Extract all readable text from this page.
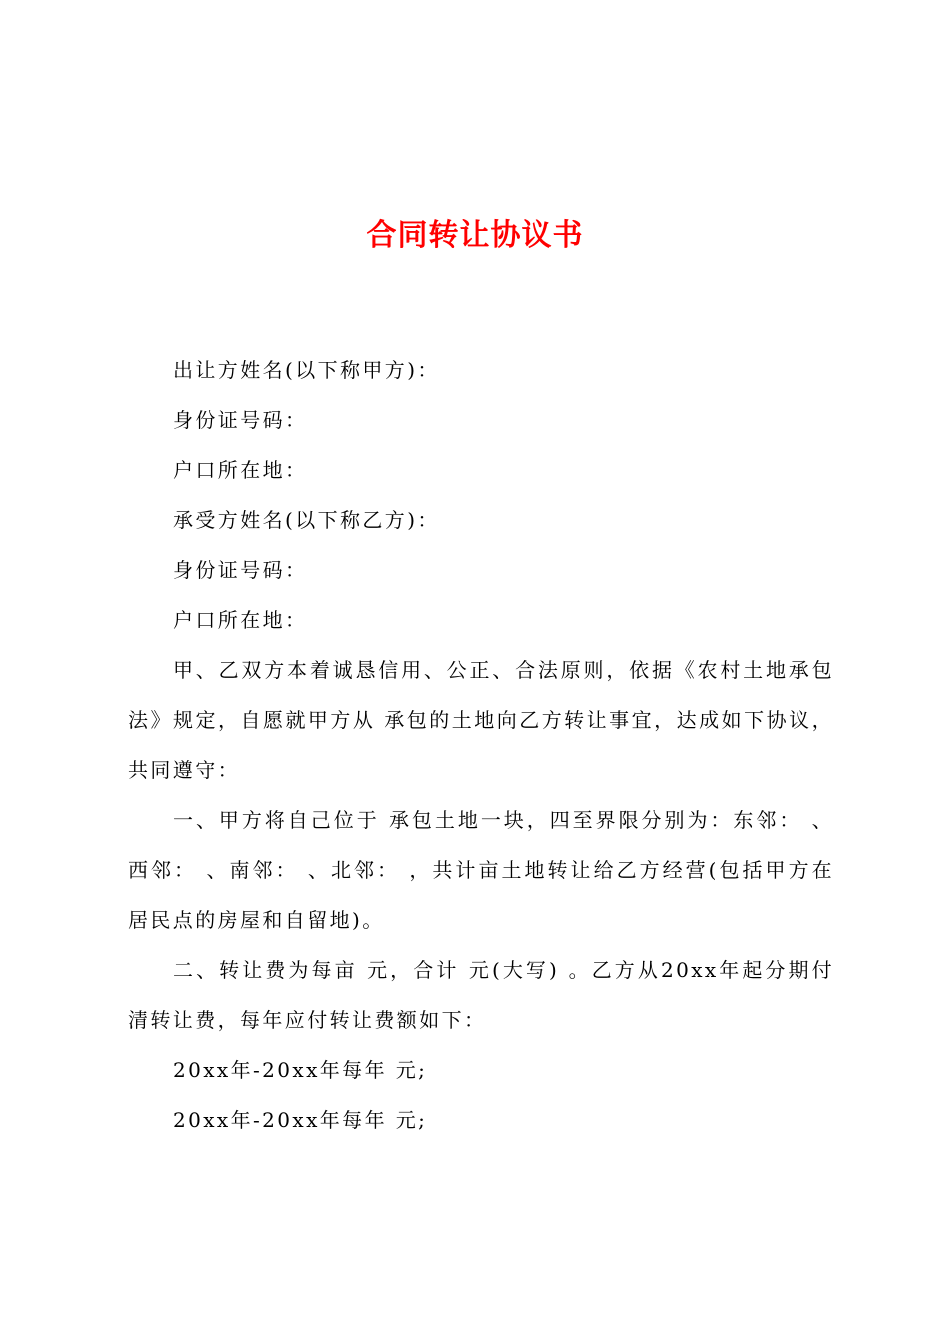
合同转让协议书

出让方姓名(以下称甲方)：

身份证号码：

户口所在地：

承受方姓名(以下称乙方)：

身份证号码：

户口所在地：

甲、乙双方本着诚恳信用、公正、合法原则，依据《农村土地承包法》规定，自愿就甲方从 承包的土地向乙方转让事宜，达成如下协议，共同遵守：

一、甲方将自己位于 承包土地一块，四至界限分别为：东邻： 、西邻： 、南邻： 、北邻： ，共计亩土地转让给乙方经营(包括甲方在居民点的房屋和自留地)。

二、转让费为每亩 元，合计 元(大写) 。乙方从20xx年起分期付清转让费，每年应付转让费额如下：

20xx年-20xx年每年 元;

20xx年-20xx年每年 元;
